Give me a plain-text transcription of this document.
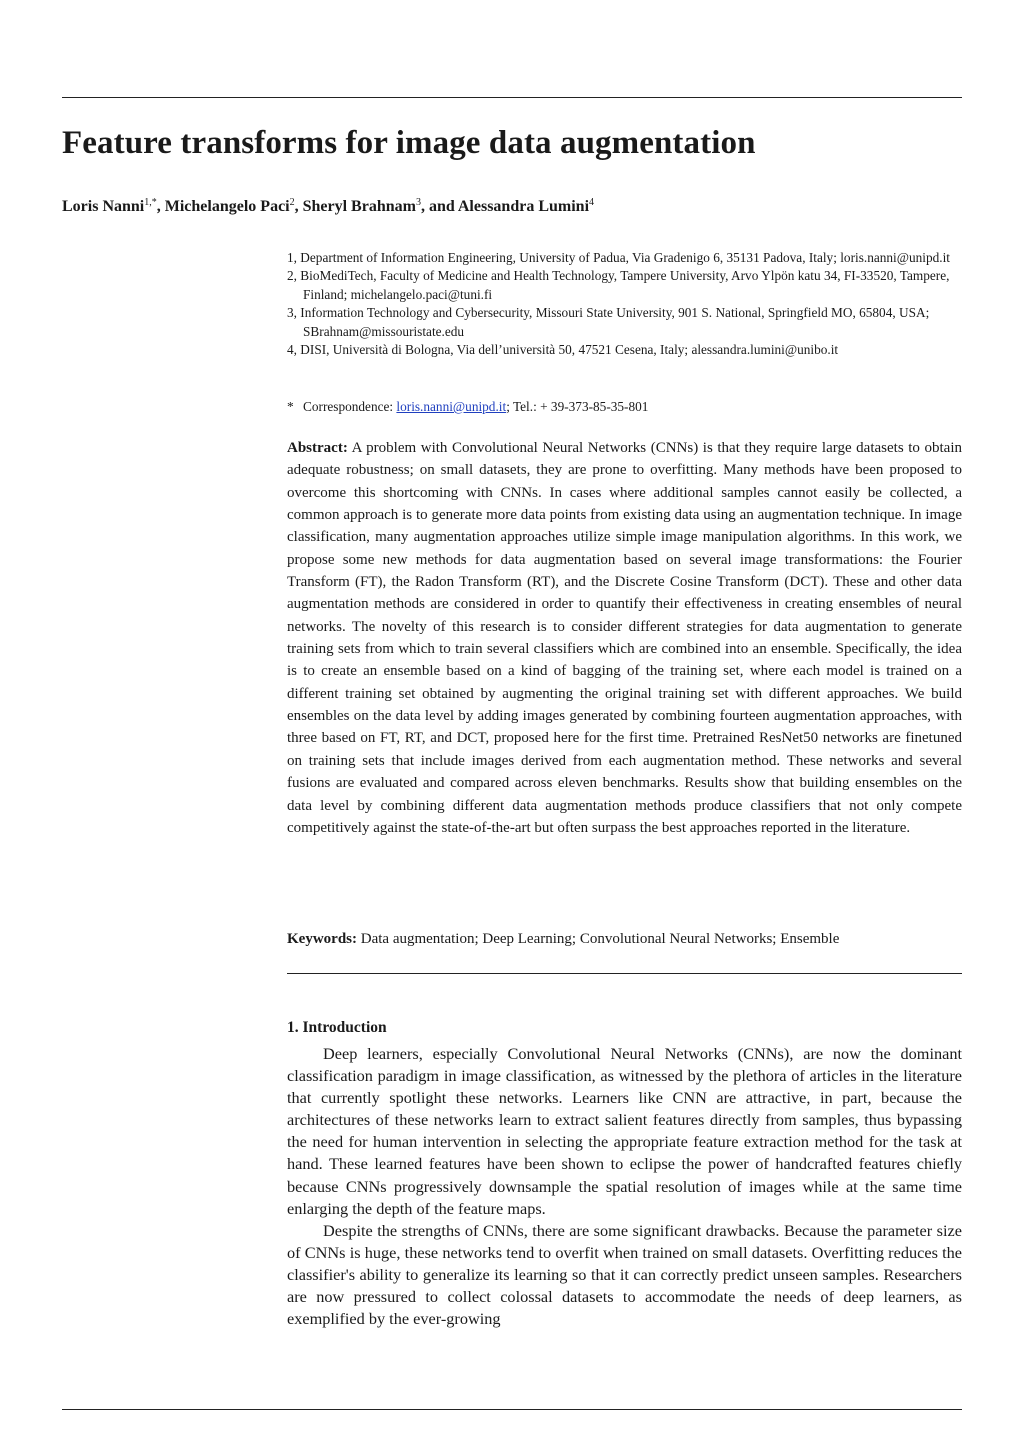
Feature transforms for image data augmentation
Loris Nanni$^{1,*}$, Michelangelo Paci$^2$, Sheryl Brahnam$^3$, and Alessandra Lumini$^4$

1, Department of Information Engineering, University of Padua, Via Gradenigo 6, 35131 Padova, Italy; loris.nanni@unipd.it

2, BioMediTech, Faculty of Medicine and Health Technology, Tampere University, Arvo Ylpön katu 34, FI-33520, Tampere, Finland; michelangelo.paci@tuni.fi

3, Information Technology and Cybersecurity, Missouri State University, 901 S. National, Springfield MO, 65804, USA; SBrahnam@missouristate.edu

4, DISI, Università di Bologna, Via dell’università 50, 47521 Cesena, Italy; alessandra.lumini@unibo.it

* Correspondence: loris.nanni@unipd.it; Tel.: + 39-373-85-35-801

Abstract: A problem with Convolutional Neural Networks (CNNs) is that they require large datasets to obtain adequate robustness; on small datasets, they are prone to overfitting. Many methods have been proposed to overcome this shortcoming with CNNs. In cases where additional samples cannot easily be collected, a common approach is to generate more data points from existing data using an augmentation technique. In image classification, many augmentation approaches utilize simple image manipulation algorithms. In this work, we propose some new methods for data augmentation based on several image transformations: the Fourier Transform (FT), the Radon Transform (RT), and the Discrete Cosine Transform (DCT). These and other data augmentation methods are considered in order to quantify their effectiveness in creating ensembles of neural networks. The novelty of this research is to consider different strategies for data augmentation to generate training sets from which to train several classifiers which are combined into an ensemble. Specifically, the idea is to create an ensemble based on a kind of bagging of the training set, where each model is trained on a different training set obtained by augmenting the original training set with different approaches. We build ensembles on the data level by adding images generated by combining fourteen augmentation approaches, with three based on FT, RT, and DCT, proposed here for the first time. Pretrained ResNet50 networks are finetuned on training sets that include images derived from each augmentation method. These networks and several fusions are evaluated and compared across eleven benchmarks. Results show that building ensembles on the data level by combining different data augmentation methods produce classifiers that not only compete competitively against the state-of-the-art but often surpass the best approaches reported in the literature.

Keywords: Data augmentation; Deep Learning; Convolutional Neural Networks; Ensemble

1. Introduction

Deep learners, especially Convolutional Neural Networks (CNNs), are now the dominant classification paradigm in image classification, as witnessed by the plethora of articles in the literature that currently spotlight these networks. Learners like CNN are attractive, in part, because the architectures of these networks learn to extract salient features directly from samples, thus bypassing the need for human intervention in selecting the appropriate feature extraction method for the task at hand. These learned features have been shown to eclipse the power of handcrafted features chiefly because CNNs progressively downsample the spatial resolution of images while at the same time enlarging the depth of the feature maps.

Despite the strengths of CNNs, there are some significant drawbacks. Because the parameter size of CNNs is huge, these networks tend to overfit when trained on small datasets. Overfitting reduces the classifier's ability to generalize its learning so that it can correctly predict unseen samples. Researchers are now pressured to collect colossal datasets to accommodate the needs of deep learners, as exemplified by the ever-growing
